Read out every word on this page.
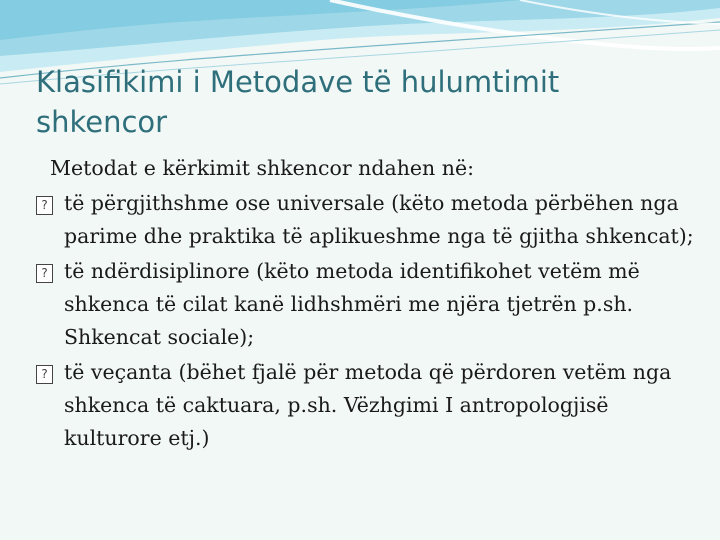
Klasifikimi i Metodave të hulumtimit shkencor

Metodat e kërkimit shkencor ndahen në:

? të përgjithshme ose universale (këto metoda përbëhen nga parime dhe praktika të aplikueshme nga të gjitha shkencat);

? të ndërdisiplinore (këto metoda identifikohet vetëm më shkenca të cilat kanë lidhshmëri me njëra tjetrën p.sh. Shkencat sociale);

? të veçanta (bëhet fjalë për metoda që përdoren vetëm nga shkenca të caktuara, p.sh. Vëzhgimi I antropologjisë kulturore etj.)
